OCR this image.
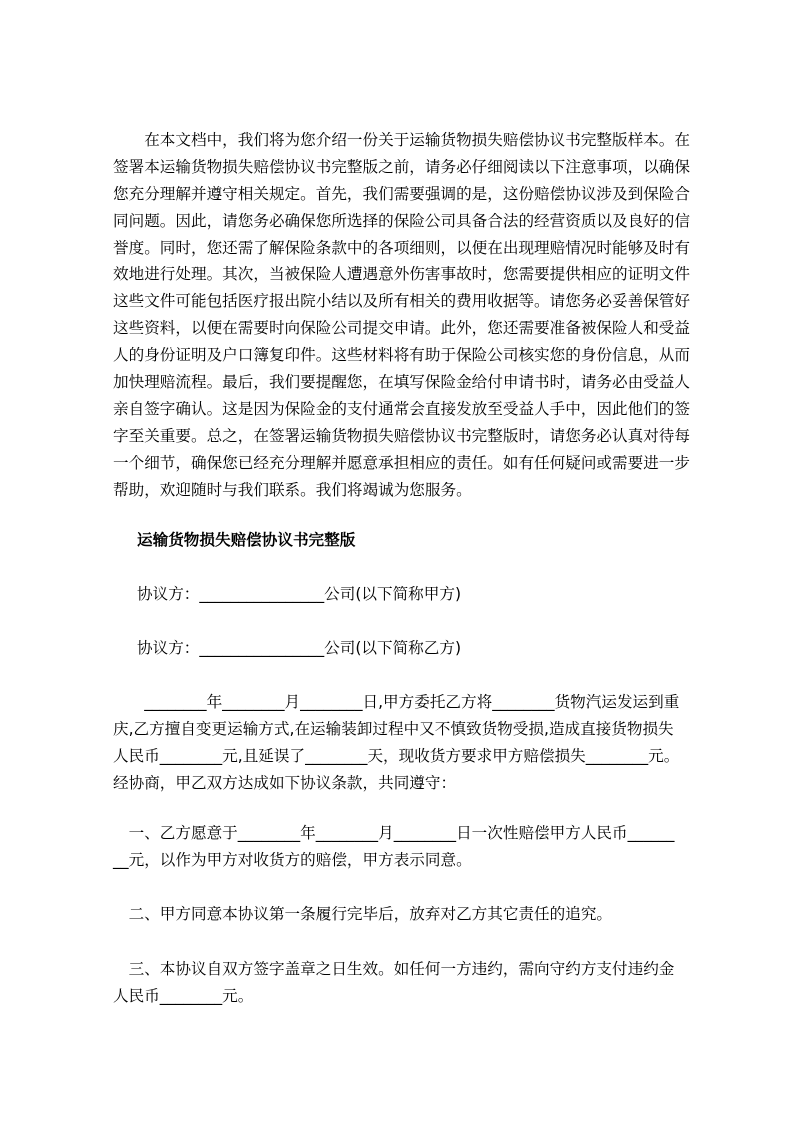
　　在本文档中，我们将为您介绍一份关于运输货物损失赔偿协议书完整版样本。在
签署本运输货物损失赔偿协议书完整版之前，请务必仔细阅读以下注意事项，以确保
您充分理解并遵守相关规定。首先，我们需要强调的是，这份赔偿协议涉及到保险合
同问题。因此，请您务必确保您所选择的保险公司具备合法的经营资质以及良好的信
誉度。同时，您还需了解保险条款中的各项细则，以便在出现理赔情况时能够及时有
效地进行处理。其次，当被保险人遭遇意外伤害事故时，您需要提供相应的证明文件
这些文件可能包括医疗报出院小结以及所有相关的费用收据等。请您务必妥善保管好
这些资料，以便在需要时向保险公司提交申请。此外，您还需要准备被保险人和受益
人的身份证明及户口簿复印件。这些材料将有助于保险公司核实您的身份信息，从而
加快理赔流程。最后，我们要提醒您，在填写保险金给付申请书时，请务必由受益人
亲自签字确认。这是因为保险金的支付通常会直接发放至受益人手中，因此他们的签
字至关重要。总之，在签署运输货物损失赔偿协议书完整版时，请您务必认真对待每
一个细节，确保您已经充分理解并愿意承担相应的责任。如有任何疑问或需要进一步
帮助，欢迎随时与我们联系。我们将竭诚为您服务。
运输货物损失赔偿协议书完整版
协议方：________________公司(以下简称甲方)
协议方：________________公司(以下简称乙方)
　　________年________月________日,甲方委托乙方将________货物汽运发运到重
庆,乙方擅自变更运输方式,在运输装卸过程中又不慎致货物受损,造成直接货物损失
人民币________元,且延误了________天，现收货方要求甲方赔偿损失________元。
经协商，甲乙双方达成如下协议条款，共同遵守：
　一、乙方愿意于________年________月________日一次性赔偿甲方人民币______
__元，以作为甲方对收货方的赔偿，甲方表示同意。
　二、甲方同意本协议第一条履行完毕后，放弃对乙方其它责任的追究。
　三、本协议自双方签字盖章之日生效。如任何一方违约，需向守约方支付违约金
人民币________元。
